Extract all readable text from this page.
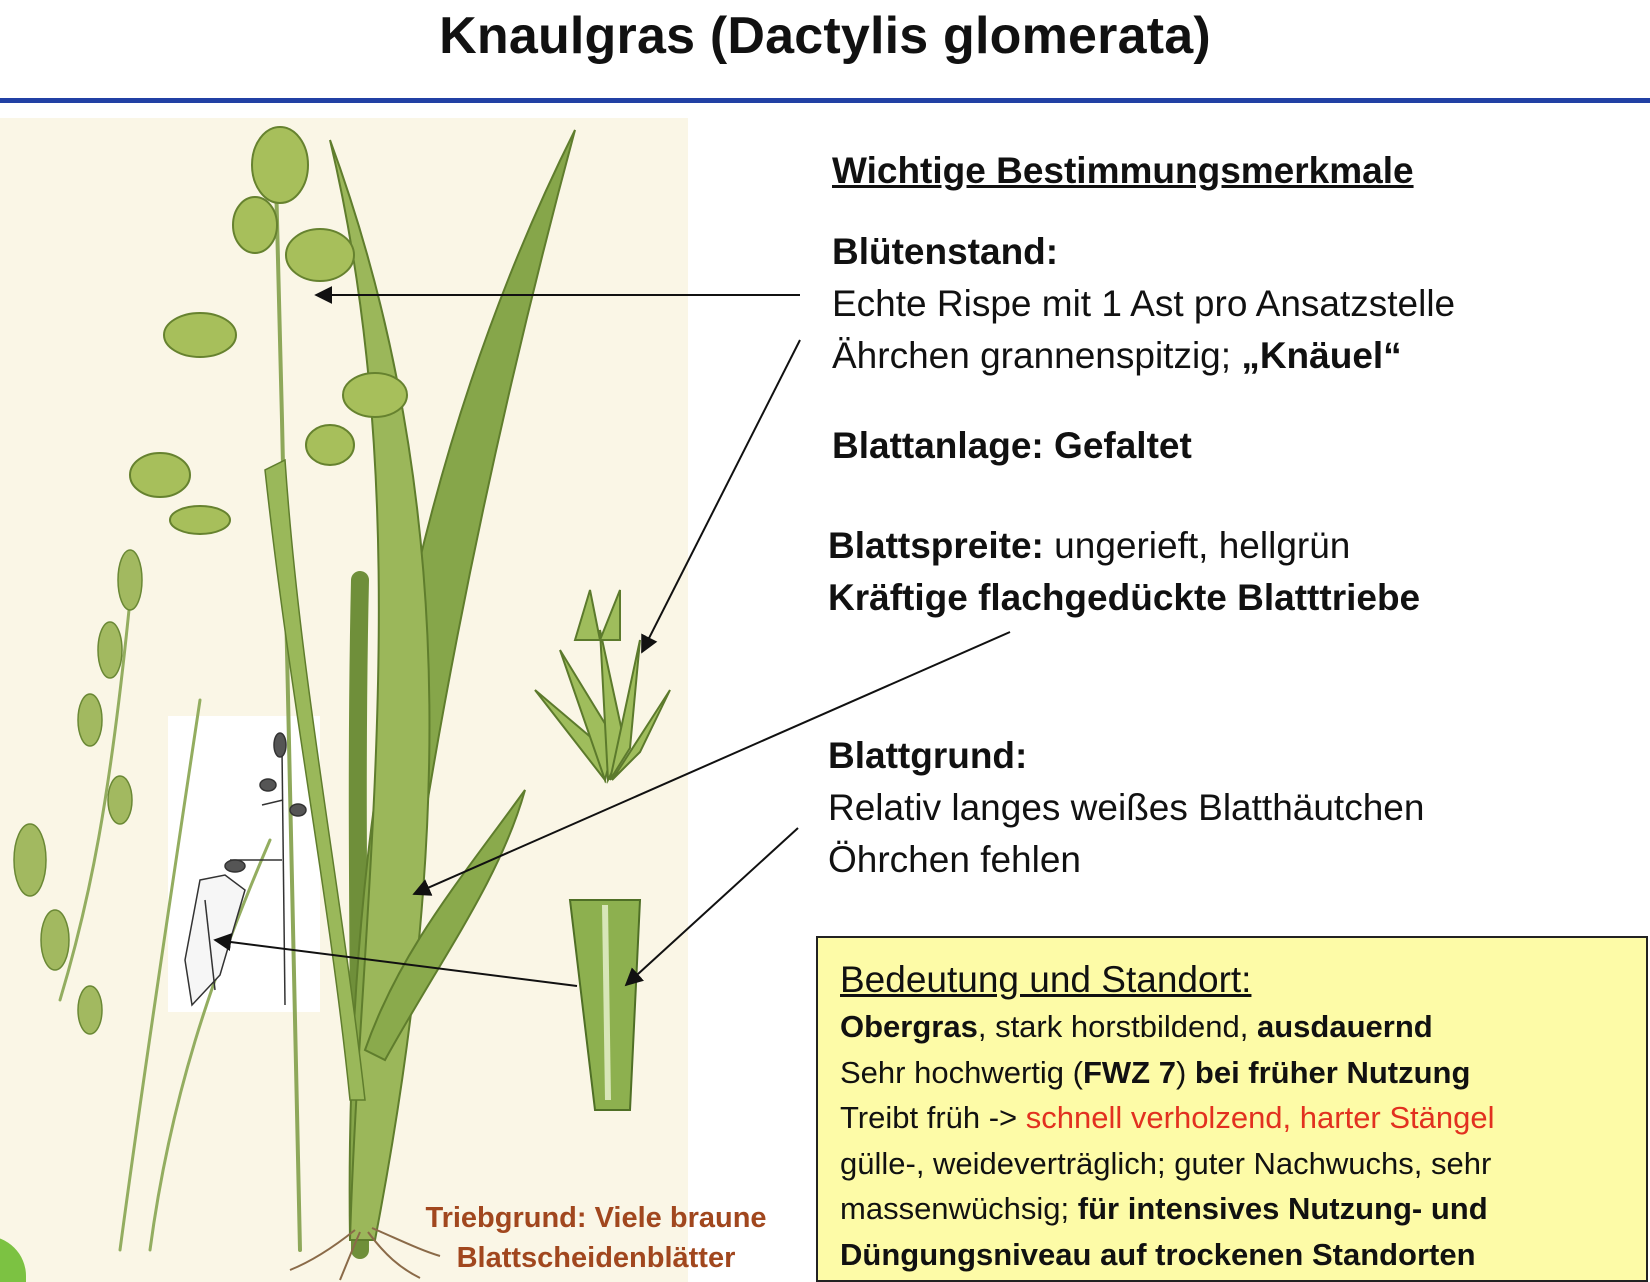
Knaulgras (Dactylis glomerata)
Wichtige Bestimmungsmerkmale
Blütenstand:
Echte Rispe mit 1 Ast pro Ansatzstelle
Ährchen grannenspitzig; „Knäuel“
Blattanlage: Gefaltet
Blattspreite: ungerieft, hellgrün
Kräftige flachgedückte Blatttriebe
Blattgrund:
Relativ langes weißes Blatthäutchen
Öhrchen fehlen
Bedeutung und Standort:
Obergras, stark horstbildend, ausdauernd
Sehr hochwertig (FWZ 7) bei früher Nutzung
Treibt früh -> schnell verholzend, harter Stängel
gülle-, weideverträglich; guter Nachwuchs, sehr
massenwüchsig; für intensives Nutzung- und
Düngungsniveau auf trockenen Standorten
Triebgrund: Viele braune
Blattscheidenblätter
